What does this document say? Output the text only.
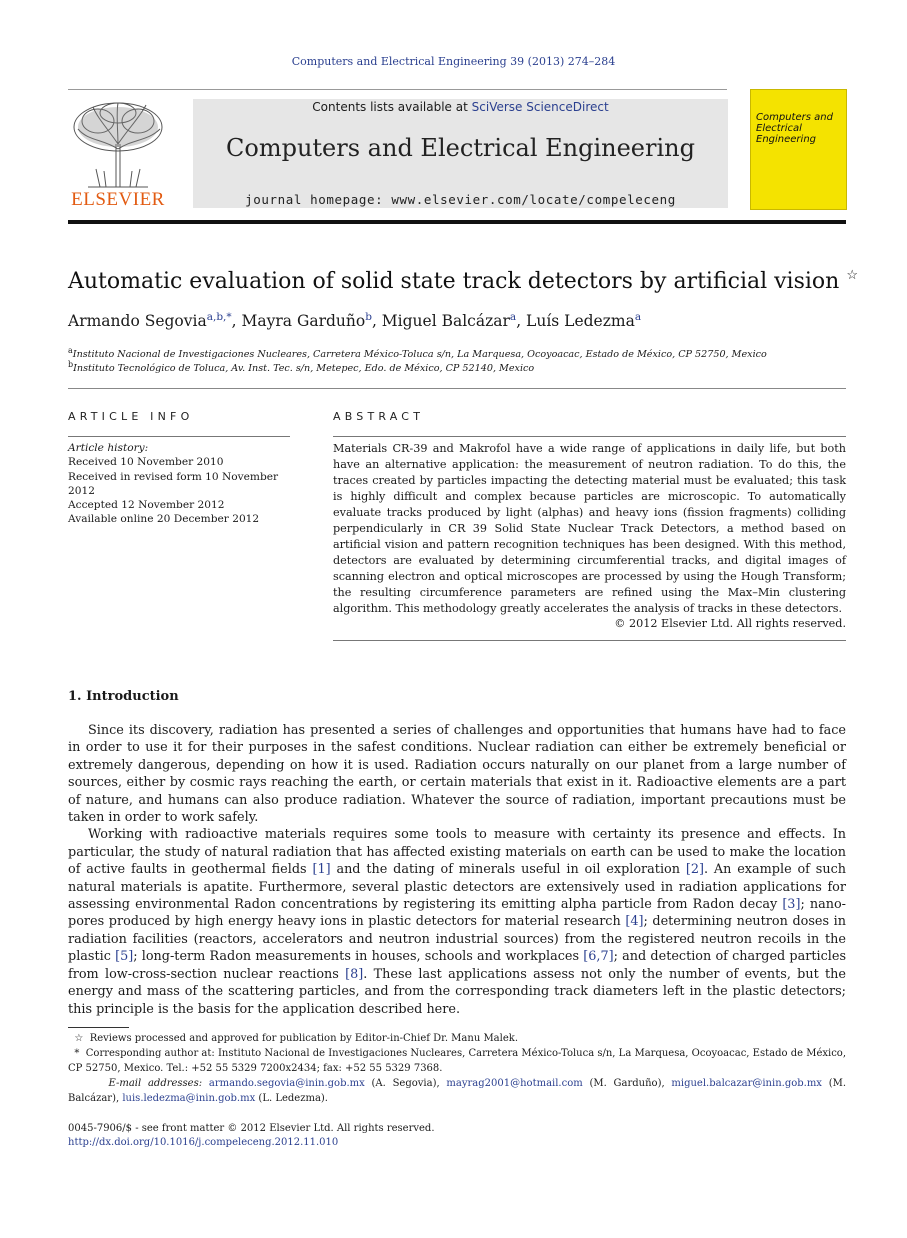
Computers and Electrical Engineering 39 (2013) 274–284
ELSEVIER
Contents lists available at SciVerse ScienceDirect
Computers and Electrical Engineering
journal homepage: www.elsevier.com/locate/compeleceng
Computers and
Electrical Engineering
Automatic evaluation of solid state track detectors by artificial vision ☆
Armando Segovia$^{a,b,*}$, Mayra Garduño$^b$, Miguel Balcázar$^a$, Luís Ledezma$^a$
$^a$Instituto Nacional de Investigaciones Nucleares, Carretera México-Toluca s/n, La Marquesa, Ocoyoacac, Estado de México, CP 52750, Mexico
$^b$Instituto Tecnológico de Toluca, Av. Inst. Tec. s/n, Metepec, Edo. de México, CP 52140, Mexico
ARTICLE INFO
Article history:
Received 10 November 2010
Received in revised form 10 November 2012
Accepted 12 November 2012
Available online 20 December 2012
ABSTRACT
Materials CR-39 and Makrofol have a wide range of applications in daily life, but both have an alternative application: the measurement of neutron radiation. To do this, the traces created by particles impacting the detecting material must be evaluated; this task is highly difficult and complex because particles are microscopic. To automatically evaluate tracks produced by light (alphas) and heavy ions (fission fragments) colliding perpendicularly in CR 39 Solid State Nuclear Track Detectors, a method based on artificial vision and pattern recognition techniques has been designed. With this method, detectors are evaluated by determining circumferential tracks, and digital images of scanning electron and optical microscopes are processed by using the Hough Transform; the resulting circumference parameters are refined using the Max–Min clustering algorithm. This methodology greatly accelerates the analysis of tracks in these detectors.
© 2012 Elsevier Ltd. All rights reserved.
1. Introduction

Since its discovery, radiation has presented a series of challenges and opportunities that humans have had to face in order to use it for their purposes in the safest conditions. Nuclear radiation can either be extremely beneficial or extremely dangerous, depending on how it is used. Radiation occurs naturally on our planet from a large number of sources, either by cosmic rays reaching the earth, or certain materials that exist in it. Radioactive elements are a part of nature, and humans can also produce radiation. Whatever the source of radiation, important precautions must be taken in order to work safely.

Working with radioactive materials requires some tools to measure with certainty its presence and effects. In particular, the study of natural radiation that has affected existing materials on earth can be used to make the location of active faults in geothermal fields [1] and the dating of minerals useful in oil exploration [2]. An example of such natural materials is apatite. Furthermore, several plastic detectors are extensively used in radiation applications for assessing environmental Radon concentrations by registering its emitting alpha particle from Radon decay [3]; nano-pores produced by high energy heavy ions in plastic detectors for material research [4]; determining neutron doses in radiation facilities (reactors, accelerators and neutron industrial sources) from the registered neutron recoils in the plastic [5]; long-term Radon measurements in houses, schools and workplaces [6,7]; and detection of charged particles from low-cross-section nuclear reactions [8]. These last applications assess not only the number of events, but the energy and mass of the scattering particles, and from the corresponding track diameters left in the plastic detectors; this principle is the basis for the application described here.

☆ Reviews processed and approved for publication by Editor-in-Chief Dr. Manu Malek.
* Corresponding author at: Instituto Nacional de Investigaciones Nucleares, Carretera México-Toluca s/n, La Marquesa, Ocoyoacac, Estado de México, CP 52750, Mexico. Tel.: +52 55 5329 7200x2434; fax: +52 55 5329 7368.
E-mail addresses: armando.segovia@inin.gob.mx (A. Segovia), mayrag2001@hotmail.com (M. Garduño), miguel.balcazar@inin.gob.mx (M. Balcázar), luis.ledezma@inin.gob.mx (L. Ledezma).
0045-7906/$ - see front matter © 2012 Elsevier Ltd. All rights reserved.
http://dx.doi.org/10.1016/j.compeleceng.2012.11.010
